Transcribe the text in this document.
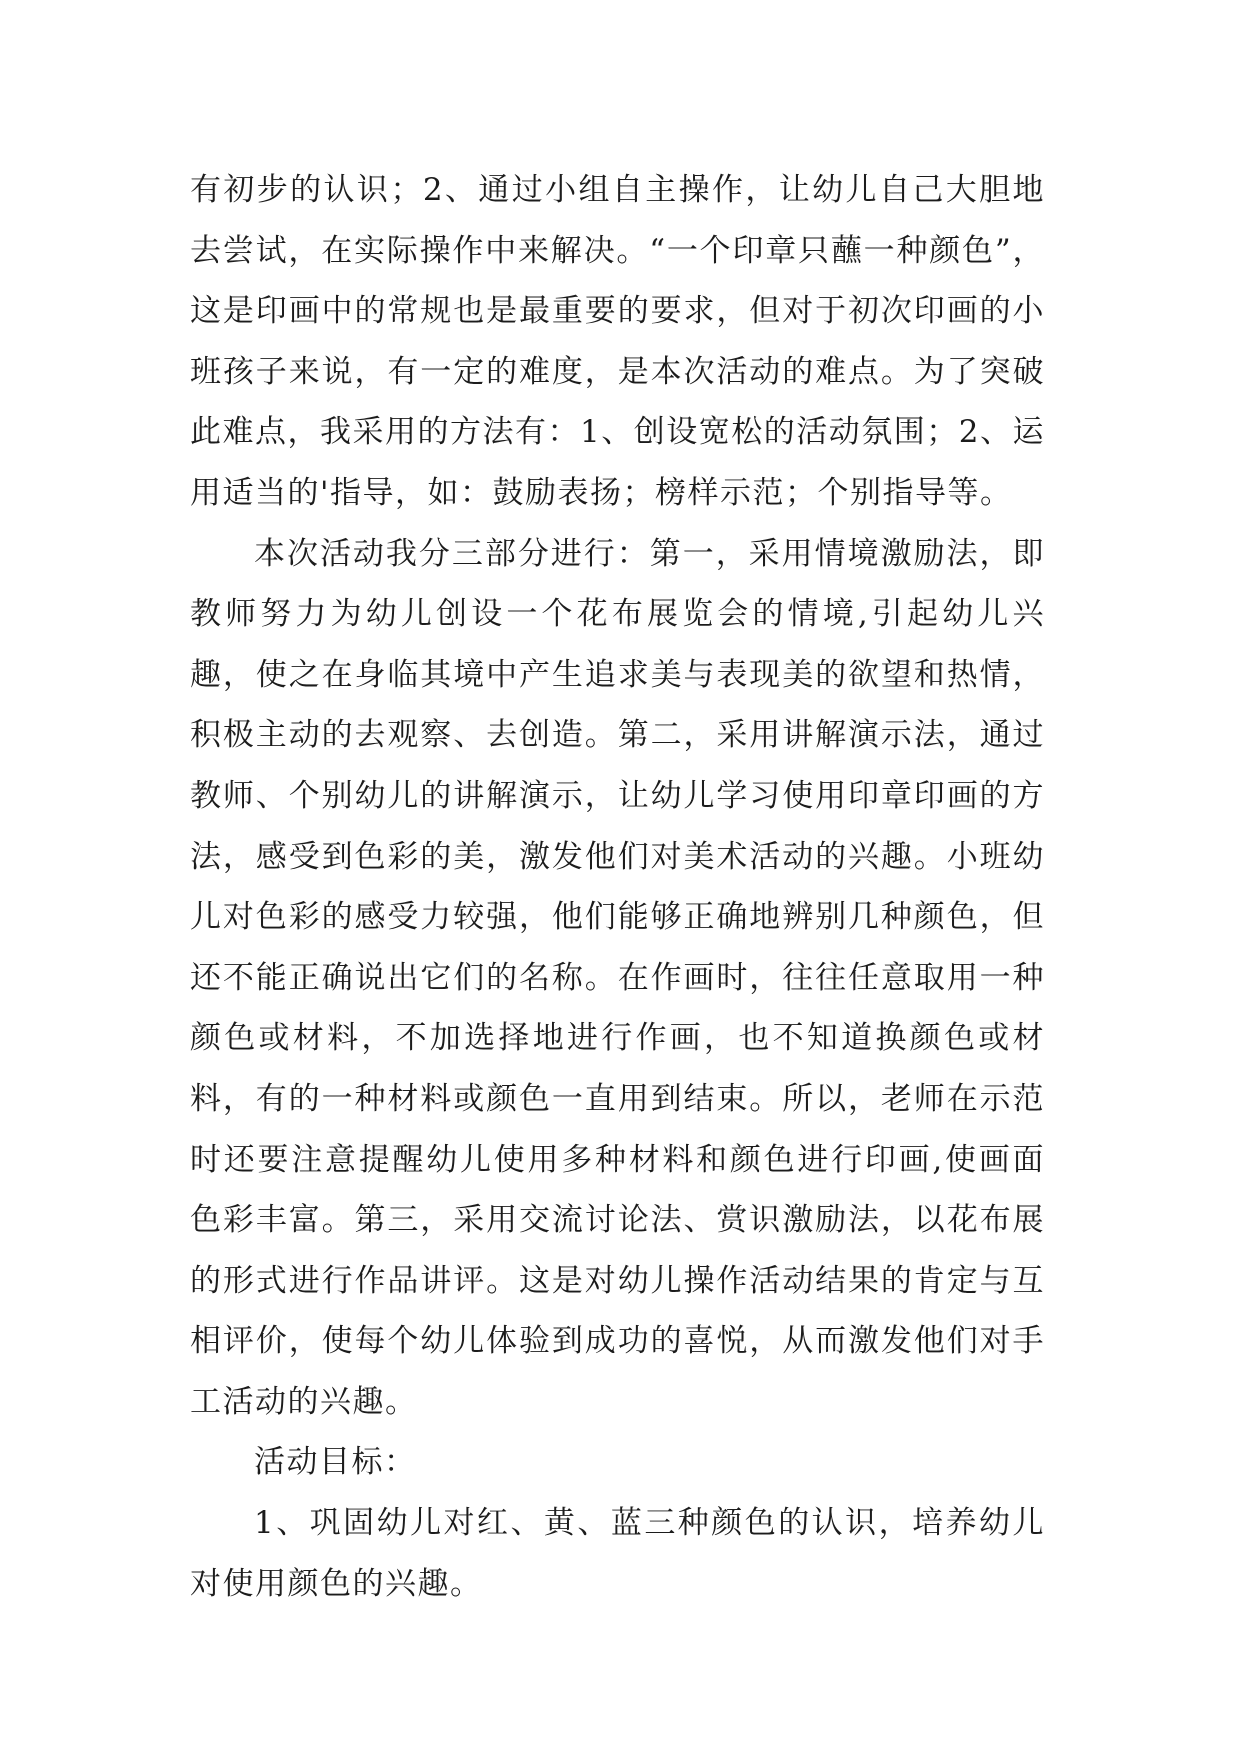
有初步的认识；2、通过小组自主操作，让幼儿自己大胆地去尝试，在实际操作中来解决。“一个印章只蘸一种颜色”，这是印画中的常规也是最重要的要求，但对于初次印画的小班孩子来说，有一定的难度，是本次活动的难点。为了突破此难点，我采用的方法有：1、创设宽松的活动氛围；2、运用适当的'指导，如：鼓励表扬；榜样示范；个别指导等。

本次活动我分三部分进行：第一，采用情境激励法，即教师努力为幼儿创设一个花布展览会的情境,引起幼儿兴趣，使之在身临其境中产生追求美与表现美的欲望和热情，积极主动的去观察、去创造。第二，采用讲解演示法，通过教师、个别幼儿的讲解演示，让幼儿学习使用印章印画的方法，感受到色彩的美，激发他们对美术活动的兴趣。小班幼儿对色彩的感受力较强，他们能够正确地辨别几种颜色，但还不能正确说出它们的名称。在作画时，往往任意取用一种颜色或材料，不加选择地进行作画，也不知道换颜色或材料，有的一种材料或颜色一直用到结束。所以，老师在示范时还要注意提醒幼儿使用多种材料和颜色进行印画,使画面色彩丰富。第三，采用交流讨论法、赏识激励法，以花布展的形式进行作品讲评。这是对幼儿操作活动结果的肯定与互相评价，使每个幼儿体验到成功的喜悦，从而激发他们对手工活动的兴趣。

活动目标：

1、巩固幼儿对红、黄、蓝三种颜色的认识，培养幼儿对使用颜色的兴趣。
